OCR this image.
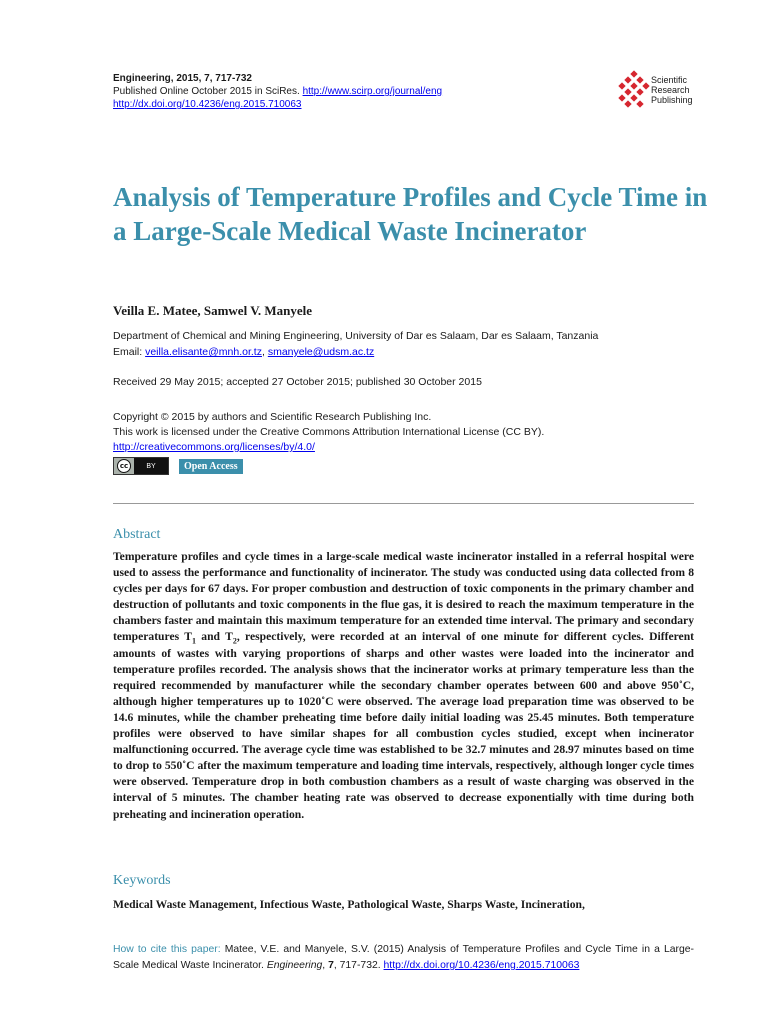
Engineering, 2015, 7, 717-732
Published Online October 2015 in SciRes. http://www.scirp.org/journal/eng
http://dx.doi.org/10.4236/eng.2015.710063
Scientific
Research
Publishing
Analysis of Temperature Profiles and Cycle Time in a Large-Scale Medical Waste Incinerator
Veilla E. Matee, Samwel V. Manyele
Department of Chemical and Mining Engineering, University of Dar es Salaam, Dar es Salaam, Tanzania
Email: veilla.elisante@mnh.or.tz, smanyele@udsm.ac.tz
Received 29 May 2015; accepted 27 October 2015; published 30 October 2015
Copyright © 2015 by authors and Scientific Research Publishing Inc.
This work is licensed under the Creative Commons Attribution International License (CC BY).
http://creativecommons.org/licenses/by/4.0/
cc	BY	Open Access
Abstract
Temperature profiles and cycle times in a large-scale medical waste incinerator installed in a referral hospital were used to assess the performance and functionality of incinerator. The study was conducted using data collected from 8 cycles per days for 67 days. For proper combustion and destruction of toxic components in the primary chamber and destruction of pollutants and toxic components in the flue gas, it is desired to reach the maximum temperature in the chambers faster and maintain this maximum temperature for an extended time interval. The primary and secondary temperatures $T_1$ and $T_2$, respectively, were recorded at an interval of one minute for different cycles. Different amounts of wastes with varying proportions of sharps and other wastes were loaded into the incinerator and temperature profiles recorded. The analysis shows that the incinerator works at primary temperature less than the required recommended by manufacturer while the secondary chamber operates between 600 and above 950˚C, although higher temperatures up to 1020˚C were observed. The average load preparation time was observed to be 14.6 minutes, while the chamber preheating time before daily initial loading was 25.45 minutes. Both temperature profiles were observed to have similar shapes for all combustion cycles studied, except when incinerator malfunctioning occurred. The average cycle time was established to be 32.7 minutes and 28.97 minutes based on time to drop to 550˚C after the maximum temperature and loading time intervals, respectively, although longer cycle times were observed. Temperature drop in both combustion chambers as a result of waste charging was observed in the interval of 5 minutes. The chamber heating rate was observed to decrease exponentially with time during both preheating and incineration operation.
Keywords
Medical Waste Management, Infectious Waste, Pathological Waste, Sharps Waste, Incineration,
How to cite this paper: Matee, V.E. and Manyele, S.V. (2015) Analysis of Temperature Profiles and Cycle Time in a Large-Scale Medical Waste Incinerator. Engineering, 7, 717-732. http://dx.doi.org/10.4236/eng.2015.710063
